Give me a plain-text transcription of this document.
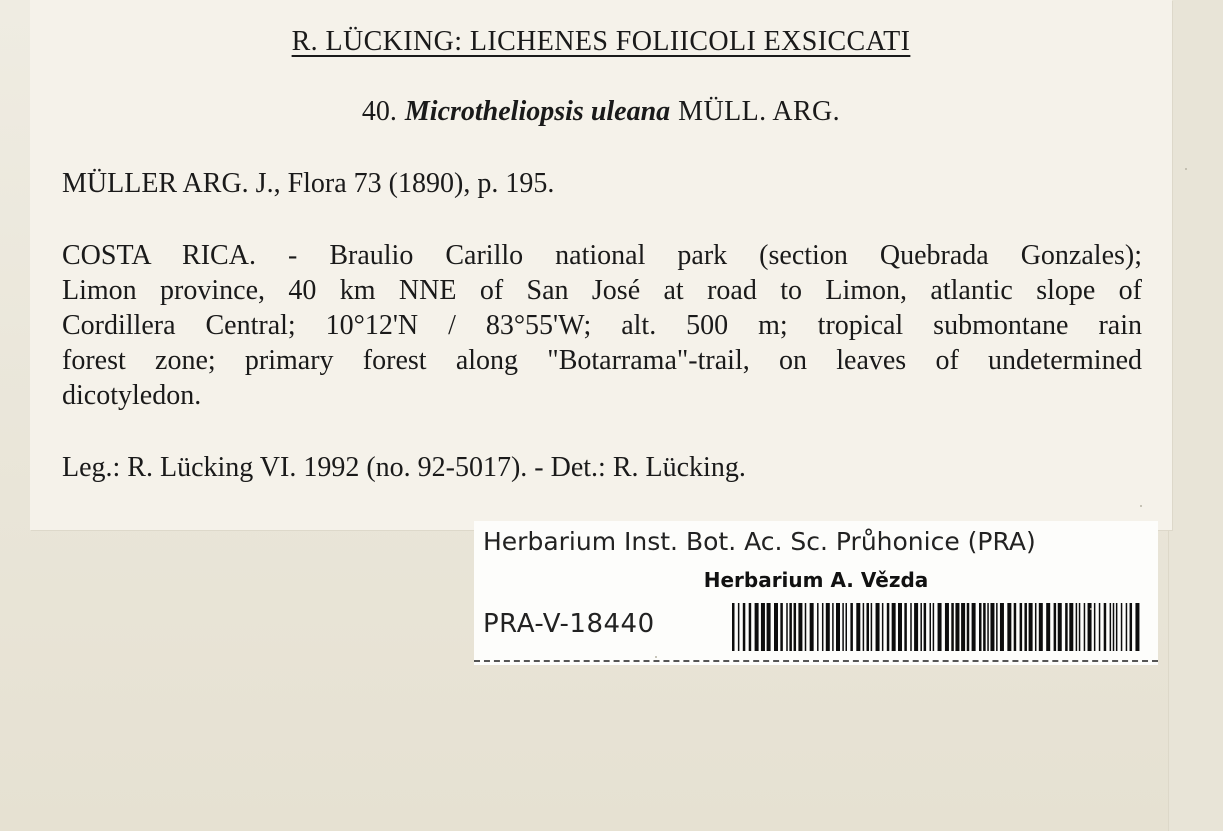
R. LÜCKING: LICHENES FOLIICOLI EXSICCATI
40. Microtheliopsis uleana MÜLL. ARG.
MÜLLER ARG. J., Flora 73 (1890), p. 195.
COSTA RICA. - Braulio Carillo national park (section Quebrada Gonzales);
Limon province, 40 km NNE of San José at road to Limon, atlantic slope of
Cordillera Central; 10°12'N / 83°55'W; alt. 500 m; tropical submontane rain
forest zone; primary forest along "Botarrama"-trail, on leaves of undetermined
dicotyledon.
Leg.: R. Lücking VI. 1992 (no. 92-5017). - Det.: R. Lücking.
Herbarium Inst. Bot. Ac. Sc. Průhonice (PRA)
Herbarium A. Vězda
PRA-V-18440
